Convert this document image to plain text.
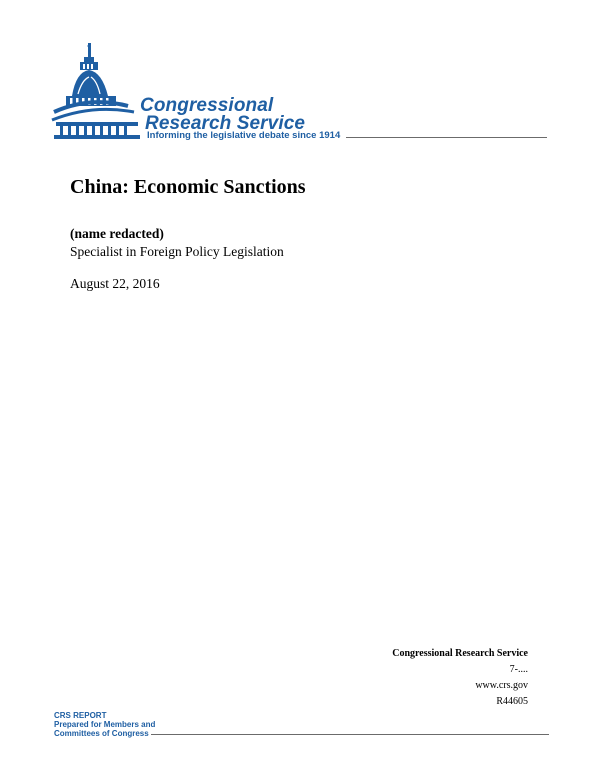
Congressional
Research Service
Informing the legislative debate since 1914
China: Economic Sanctions
(name redacted)
Specialist in Foreign Policy Legislation
August 22, 2016
Congressional Research Service
7-....
www.crs.gov
R44605
CRS REPORT
Prepared for Members and
Committees of Congress
